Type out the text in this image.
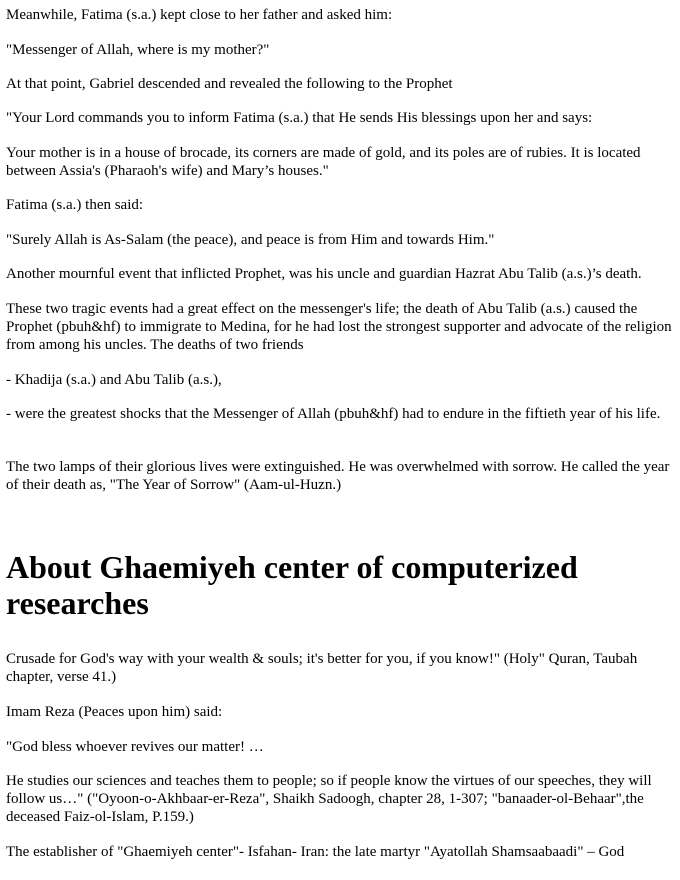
Meanwhile, Fatima (s.a.) kept close to her father and asked him:

"Messenger of Allah, where is my mother?"

At that point, Gabriel descended and revealed the following to the Prophet

"Your Lord commands you to inform Fatima (s.a.) that He sends His blessings upon her and says:

Your mother is in a house of brocade, its corners are made of gold, and its poles are of rubies. It is located between Assia's (Pharaoh's wife) and Mary’s houses."

Fatima (s.a.) then said:

"Surely Allah is As-Salam (the peace), and peace is from Him and towards Him."

Another mournful event that inflicted Prophet, was his uncle and guardian Hazrat Abu Talib (a.s.)’s death.

These two tragic events had a great effect on the messenger's life; the death of Abu Talib (a.s.) caused the Prophet (pbuh&hf) to immigrate to Medina, for he had lost the strongest supporter and advocate of the religion from among his uncles. The deaths of two friends

- Khadija (s.a.) and Abu Talib (a.s.),

- were the greatest shocks that the Messenger of Allah (pbuh&hf) had to endure in the fiftieth year of his life.

The two lamps of their glorious lives were extinguished. He was overwhelmed with sorrow. He called the year of their death as, "The Year of Sorrow" (Aam-ul-Huzn.)

About Ghaemiyeh center of computerized researches

Crusade for God's way with your wealth & souls; it's better for you, if you know!" (Holy" Quran, Taubah chapter, verse 41.)

Imam Reza (Peaces upon him) said:

"God bless whoever revives our matter! …

He studies our sciences and teaches them to people; so if people know the virtues of our speeches, they will follow us…" ("Oyoon-o-Akhbaar-er-Reza", Shaikh Sadoogh, chapter 28, 1-307; "banaader-ol-Behaar",the deceased Faiz-ol-Islam, P.159.)

The establisher of "Ghaemiyeh center"- Isfahan- Iran: the late martyr "Ayatollah Shamsaabaadi" – God
